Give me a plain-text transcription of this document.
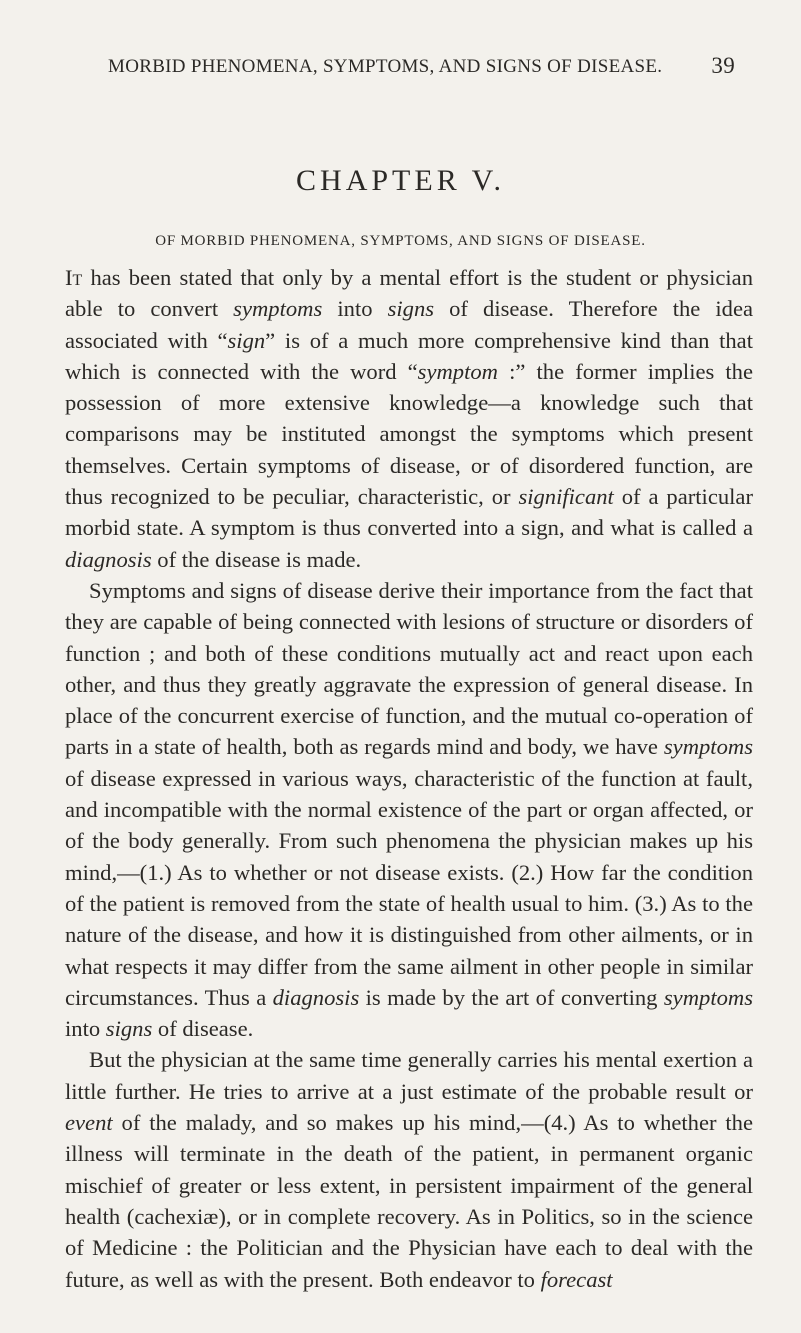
MORBID PHENOMENA, SYMPTOMS, AND SIGNS OF DISEASE. 39
CHAPTER V.
OF MORBID PHENOMENA, SYMPTOMS, AND SIGNS OF DISEASE.

It has been stated that only by a mental effort is the student or physician able to convert symptoms into signs of disease. Therefore the idea associated with “sign” is of a much more comprehensive kind than that which is connected with the word “symptom :” the former implies the possession of more extensive knowledge—a knowledge such that comparisons may be instituted amongst the symptoms which present themselves. Certain symptoms of disease, or of disordered function, are thus recognized to be peculiar, characteristic, or significant of a particular morbid state. A symptom is thus converted into a sign, and what is called a diagnosis of the disease is made.

Symptoms and signs of disease derive their importance from the fact that they are capable of being connected with lesions of structure or disorders of function ; and both of these conditions mutually act and react upon each other, and thus they greatly aggravate the expression of general disease. In place of the concurrent exercise of function, and the mutual co-operation of parts in a state of health, both as regards mind and body, we have symptoms of disease expressed in various ways, characteristic of the function at fault, and incompatible with the normal existence of the part or organ affected, or of the body generally. From such phenomena the physician makes up his mind,—(1.) As to whether or not disease exists. (2.) How far the condition of the patient is removed from the state of health usual to him. (3.) As to the nature of the disease, and how it is distinguished from other ailments, or in what respects it may differ from the same ailment in other people in similar circumstances. Thus a diagnosis is made by the art of converting symptoms into signs of disease.

But the physician at the same time generally carries his mental exertion a little further. He tries to arrive at a just estimate of the probable result or event of the malady, and so makes up his mind,—(4.) As to whether the illness will terminate in the death of the patient, in permanent organic mischief of greater or less extent, in persistent impairment of the general health (cachexiæ), or in complete recovery. As in Politics, so in the science of Medicine : the Politician and the Physician have each to deal with the future, as well as with the present. Both endeavor to forecast
